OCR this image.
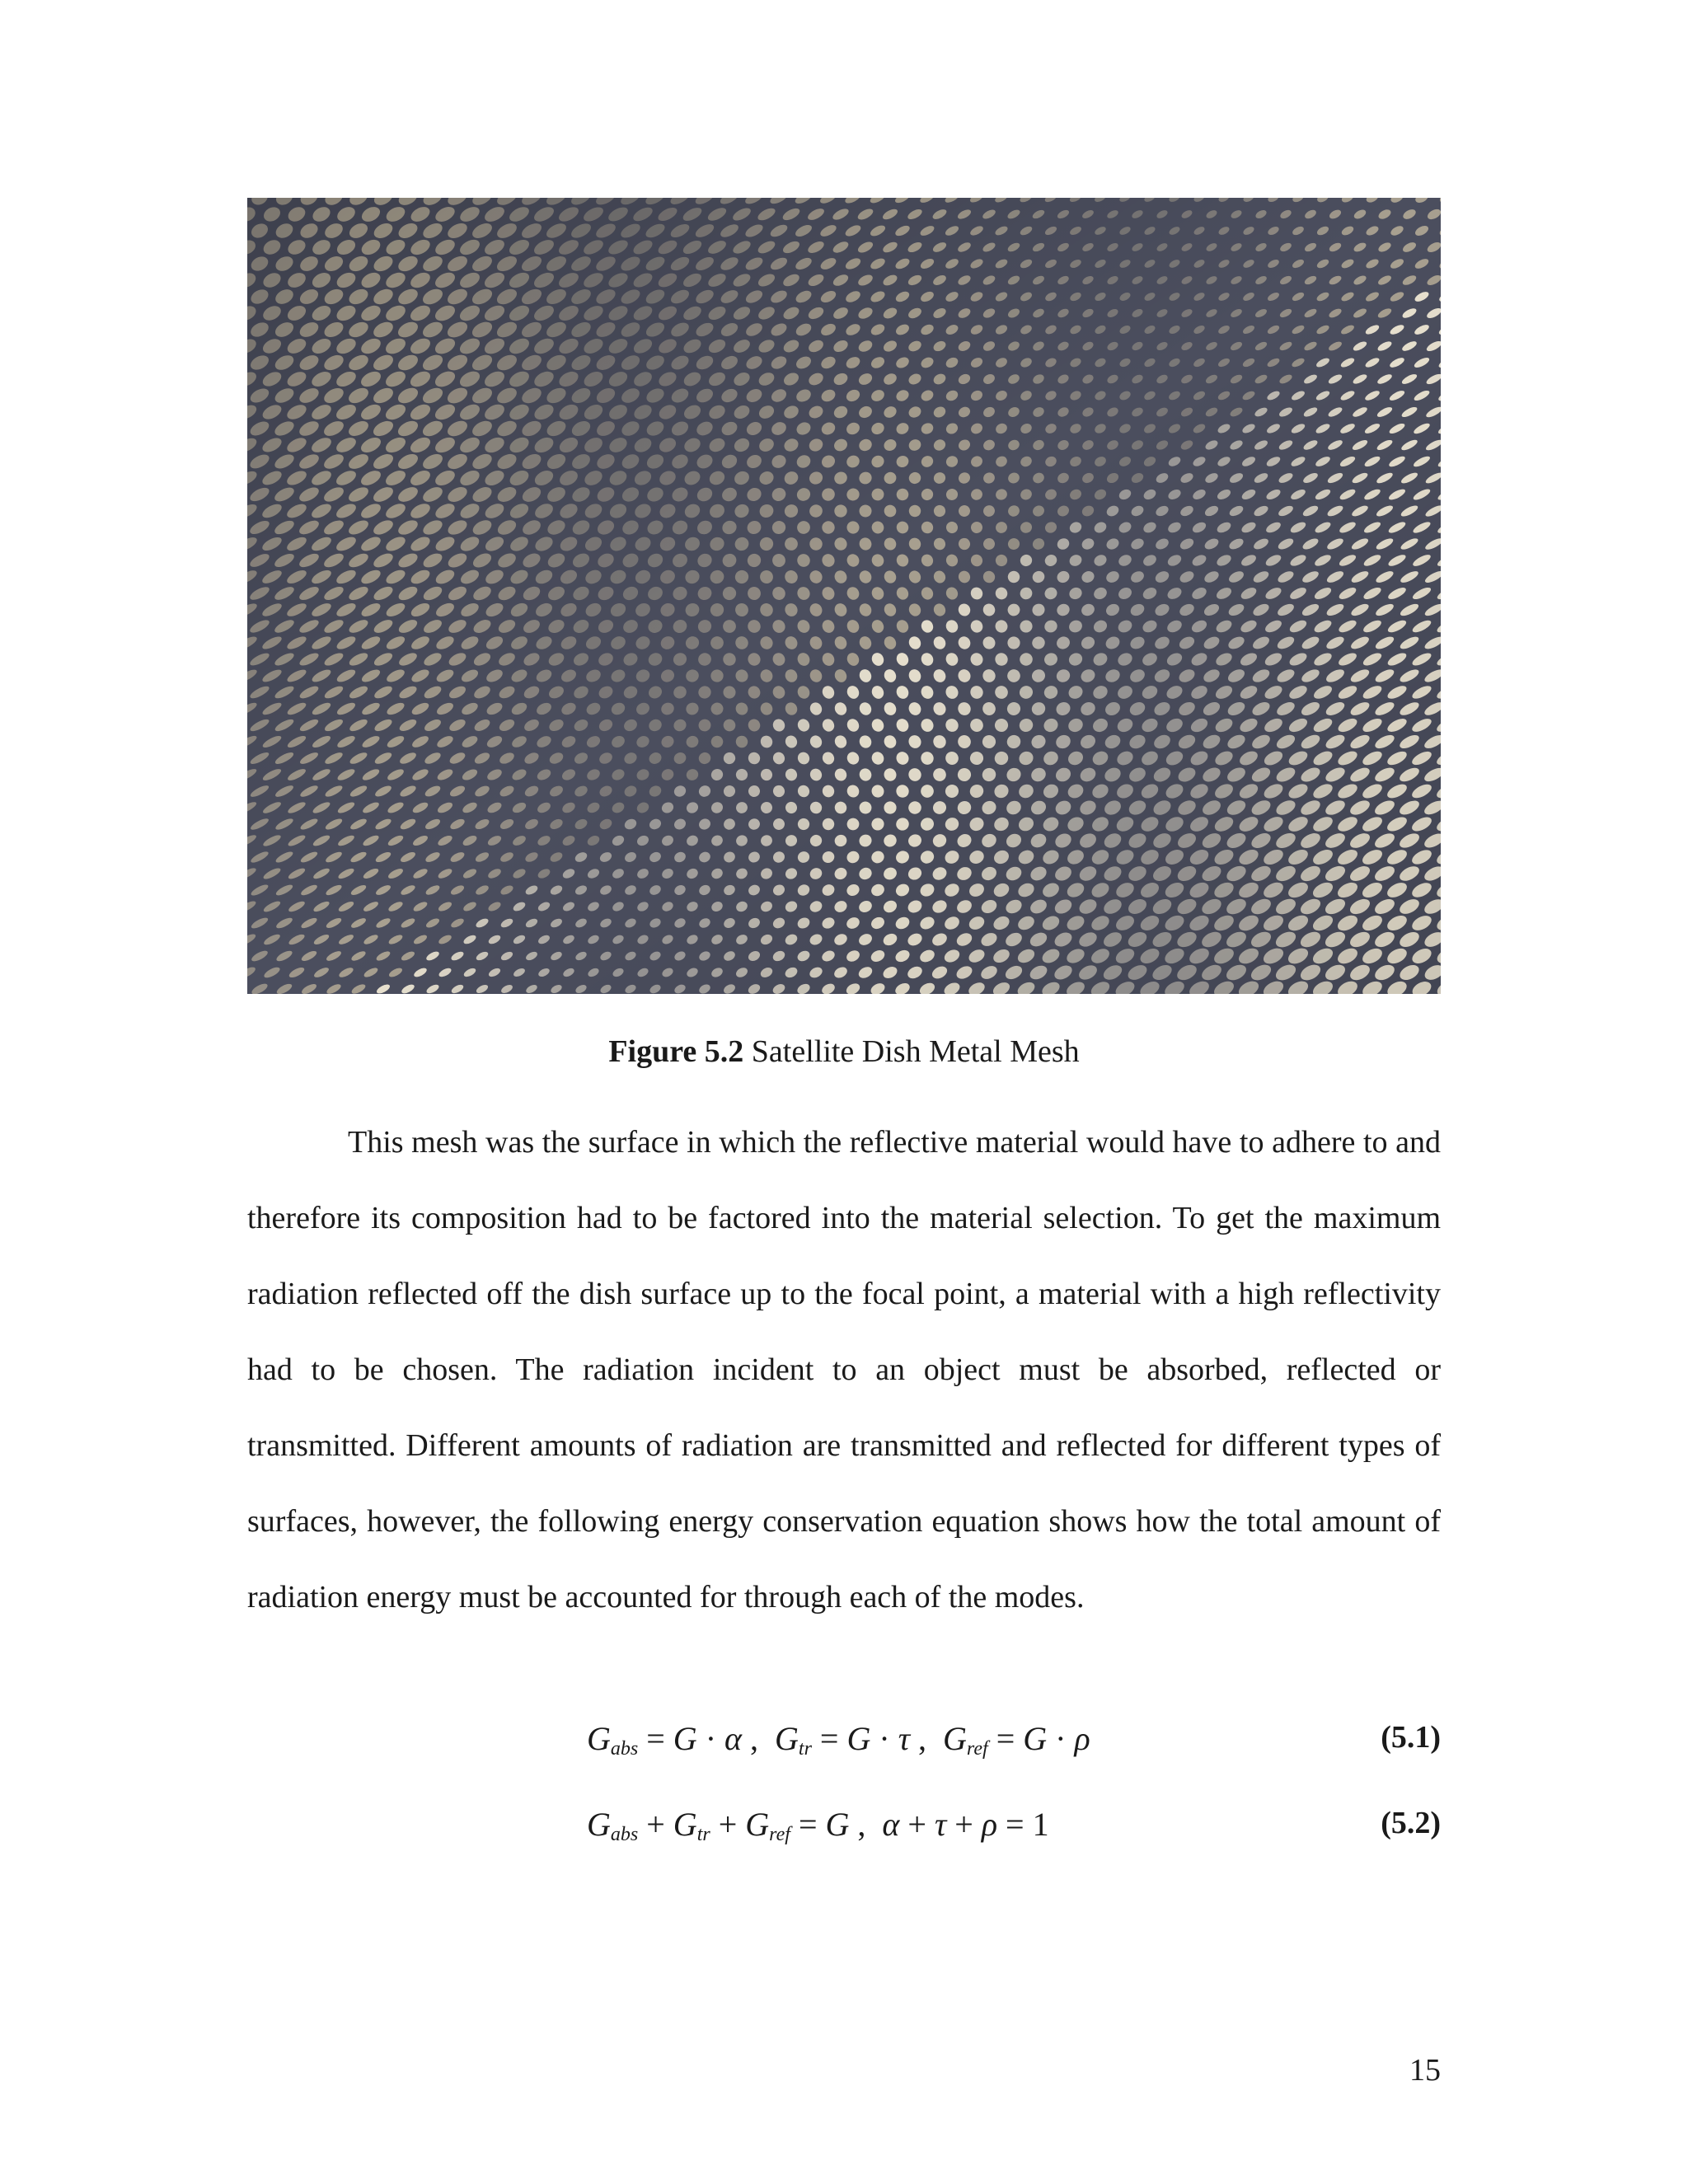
Figure 5.2 Satellite Dish Metal Mesh

This mesh was the surface in which the reflective material would have to adhere to and therefore its composition had to be factored into the material selection. To get the maximum radiation reflected off the dish surface up to the focal point, a material with a high reflectivity had to be chosen. The radiation incident to an object must be absorbed, reflected or transmitted. Different amounts of radiation are transmitted and reflected for different types of surfaces, however, the following energy conservation equation shows how the total amount of radiation energy must be accounted for through each of the modes.

$G_{abs} = G \cdot \alpha$ ,  $G_{tr} = G \cdot \tau$ ,  $G_{ref} = G \cdot \rho$	(5.1)
$G_{abs} + G_{tr} + G_{ref} = G$ ,  α + τ + ρ = 1	(5.2)
15
